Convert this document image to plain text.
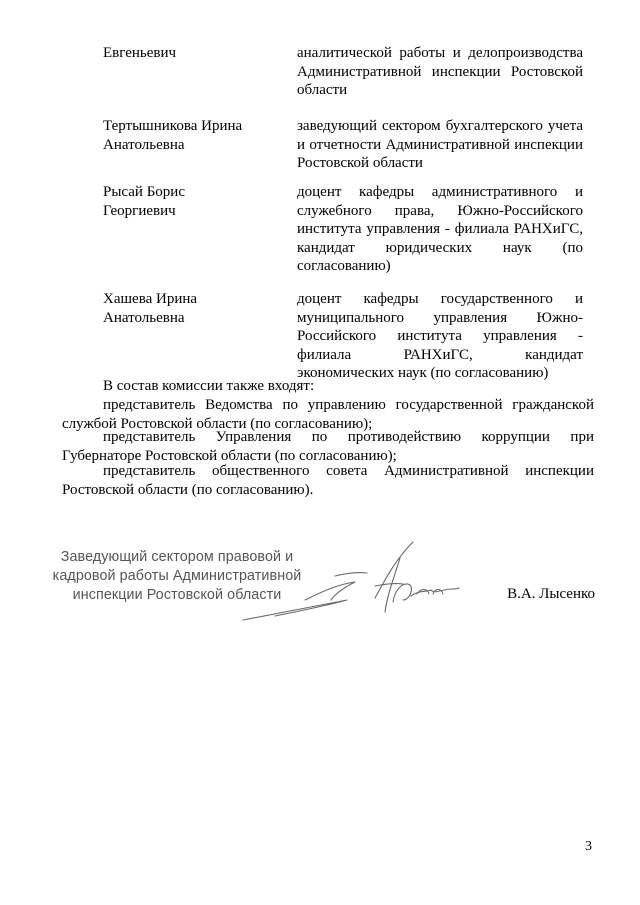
Евгеньевич	аналитической работы и делопроизводства
Административной инспекции Ростовской
области
Тертышникова Ирина
Анатольевна
заведующий сектором бухгалтерского учета
и отчетности Административной инспекции
Ростовской области
Рысай Борис
Георгиевич
доцент кафедры административного и
служебного права, Южно-Российского
института управления - филиала РАНХиГС,
кандидат юридических наук (по
согласованию)
Хашева Ирина
Анатольевна
доцент кафедры государственного и
муниципального управления Южно-
Российского института управления -
филиала РАНХиГС, кандидат
экономических наук (по согласованию)
В состав комиссии также входят:
представитель Ведомства по управлению государственной гражданской
службой Ростовской области (по согласованию);
представитель Управления по противодействию коррупции при
Губернаторе Ростовской области (по согласованию);
представитель общественного совета Административной инспекции
Ростовской области (по согласованию).
Заведующий сектором правовой и
кадровой работы Административной
инспекции Ростовской области	В.А. Лысенко
3
